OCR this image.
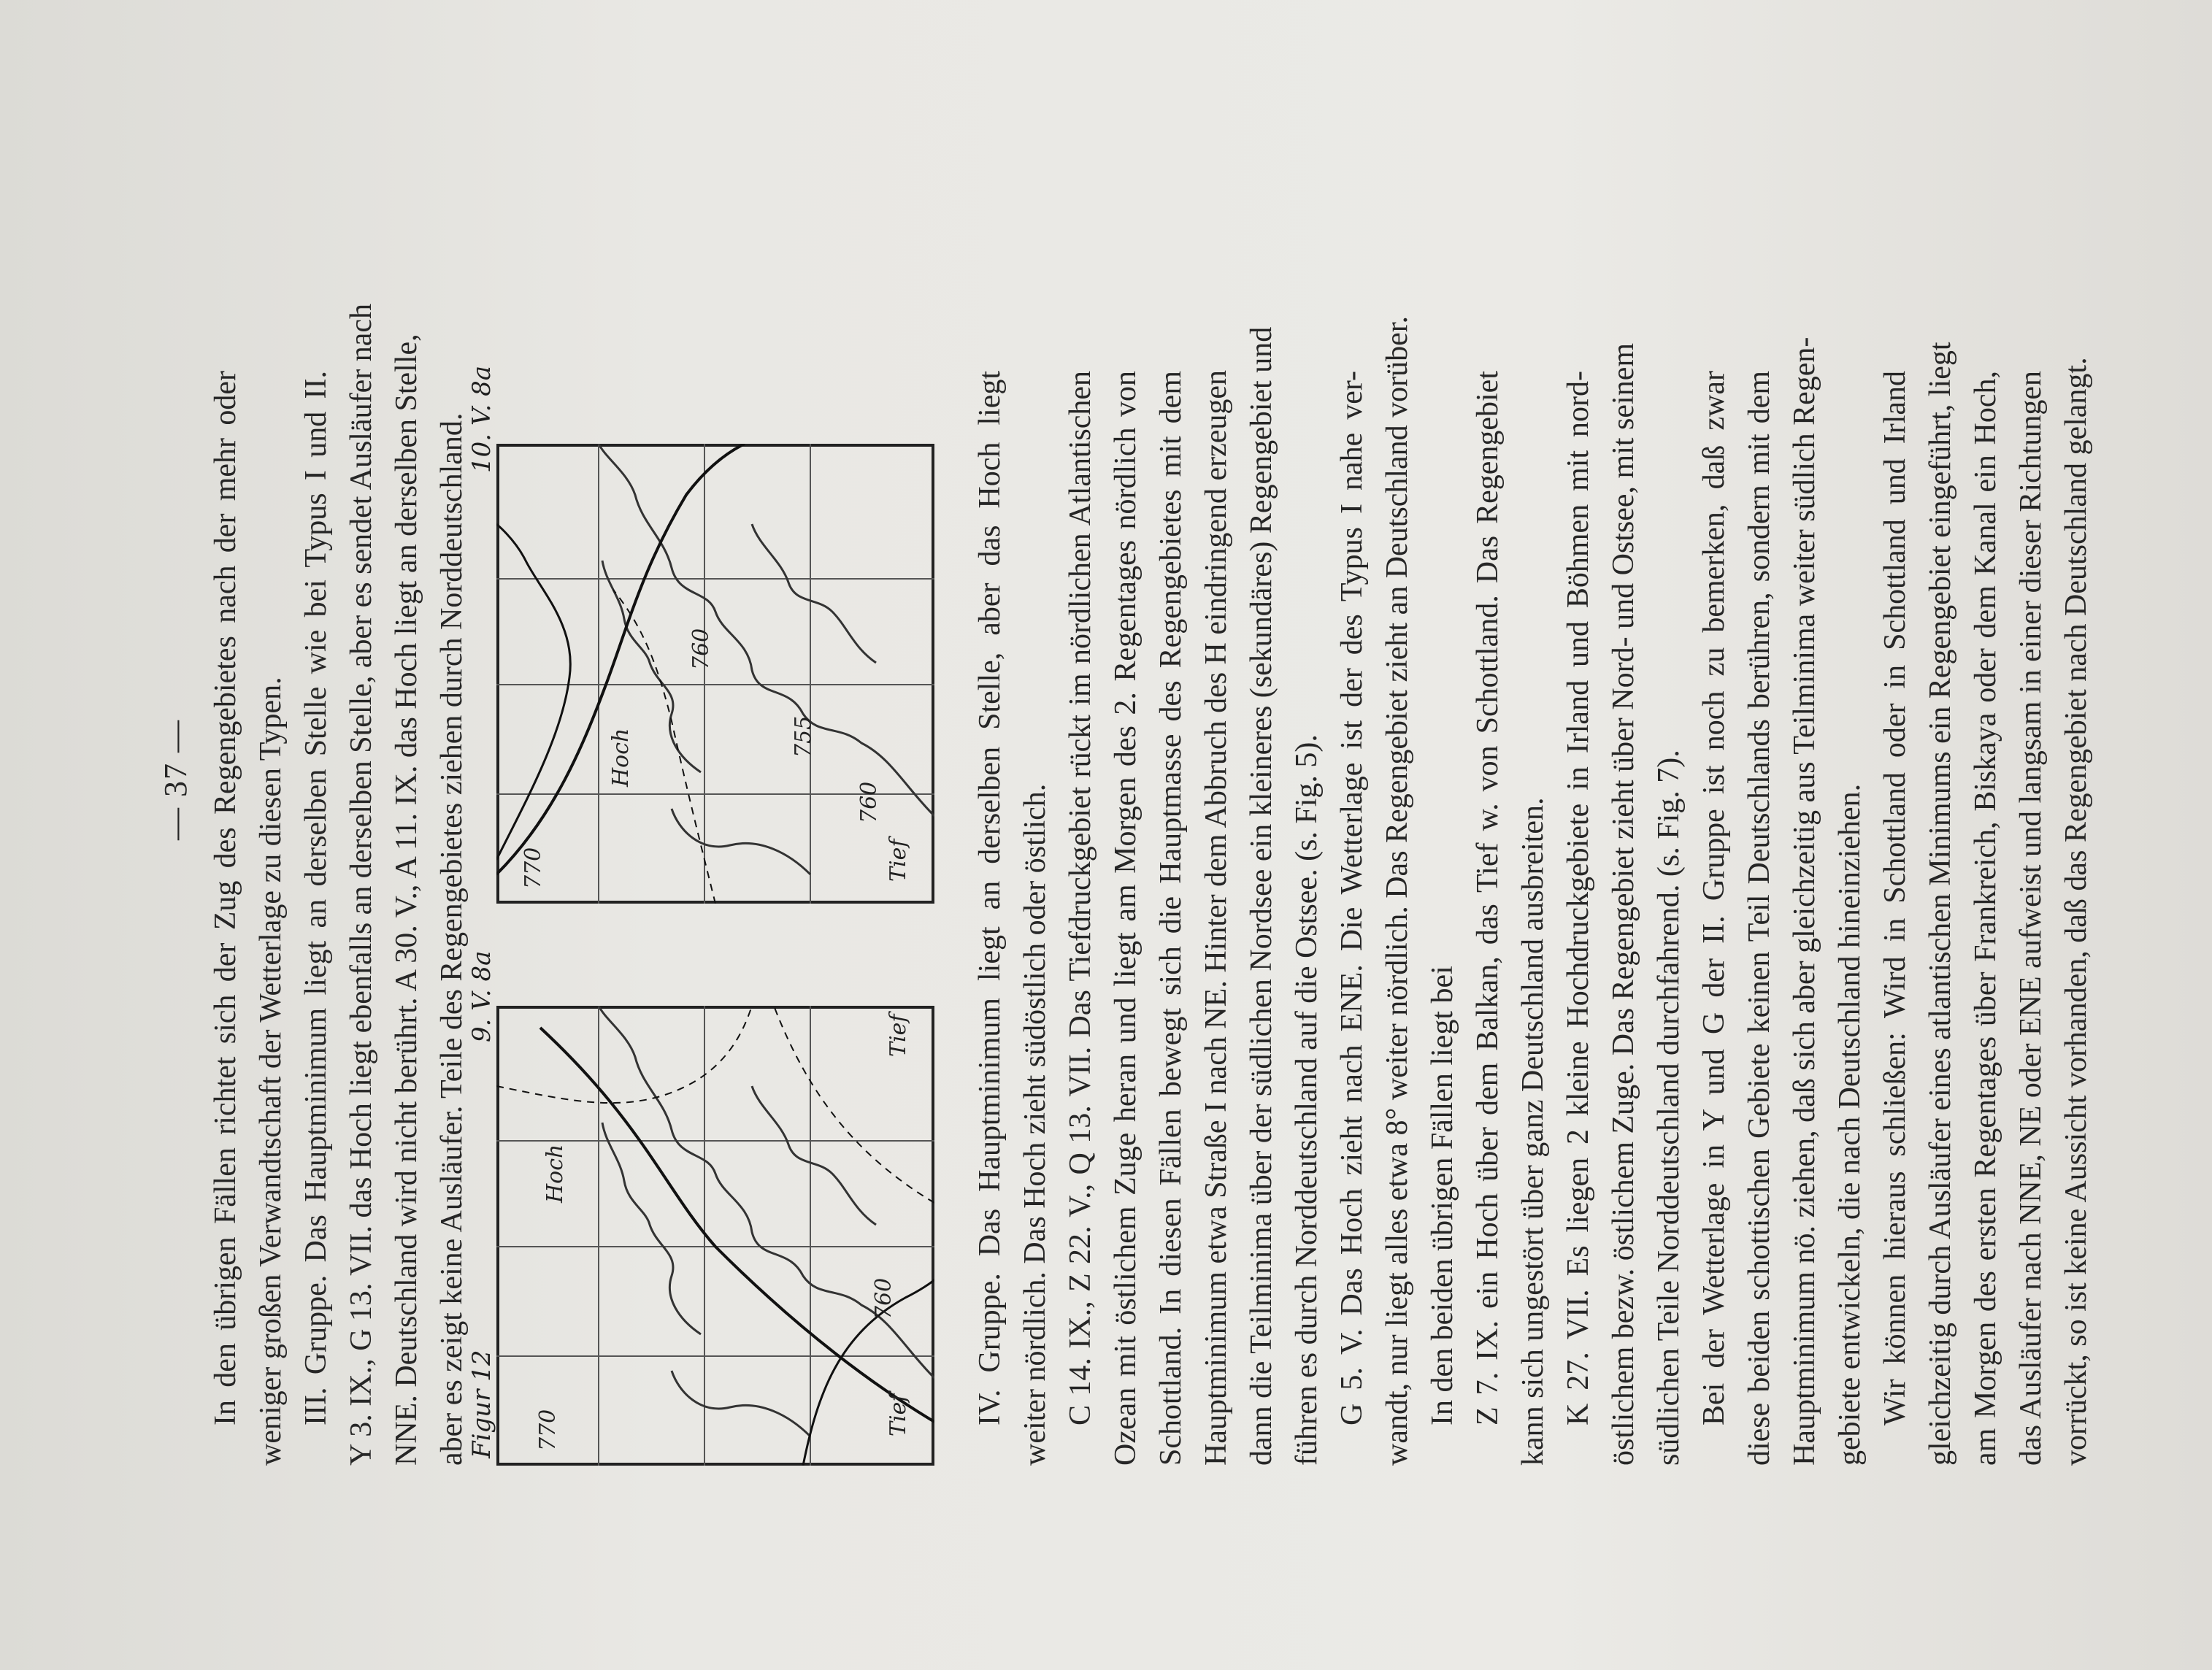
— 37 — In den übrigen Fällen richtet sich der Zug des Regengebietes nach der mehr oder weniger großen Verwandtschaft der Wetterlage zu diesen Typen. III. Gruppe. Das Hauptminimum liegt an derselben Stelle wie bei Typus I und II. Y 3. IX., G 13. VII. das Hoch liegt ebenfalls an derselben Stelle, aber es sendet Ausläufer nach NNE. Deutschland wird nicht berührt. A 30. V., A 11. IX. das Hoch liegt an derselben Stelle, aber es zeigt keine Ausläufer. Teile des Regengebietes ziehen durch Norddeutschland.

Figur 12
9. V. 8a
10. V. 8a
Tief
760
Hoch
Tief
770
Tief
760
755
760
Hoch
770	IV. Gruppe. Das Hauptminimum liegt an derselben Stelle, aber das Hoch liegt weiter nördlich. Das Hoch zieht südöstlich oder östlich. C 14. IX., Z 22. V., Q 13. VII. Das Tiefdruckgebiet rückt im nördlichen Atlantischen Ozean mit östlichem Zuge heran und liegt am Morgen des 2. Regentages nördlich von Schottland. In diesen Fällen bewegt sich die Hauptmasse des Regengebietes mit dem Hauptminimum etwa Straße I nach NE. Hinter dem Abbruch des H eindringend erzeugen dann die Teilminima über der südlichen Nordsee ein kleineres (sekundäres) Regengebiet und führen es durch Norddeutschland auf die Ostsee. (s. Fig. 5). G 5. V. Das Hoch zieht nach ENE. Die Wetterlage ist der des Typus I nahe ver- wandt, nur liegt alles etwa 8° weiter nördlich. Das Regengebiet zieht an Deutschland vorüber. In den beiden übrigen Fällen liegt bei Z 7. IX. ein Hoch über dem Balkan, das Tief w. von Schottland. Das Regengebiet kann sich ungestört über ganz Deutschland ausbreiten. K 27. VII. Es liegen 2 kleine Hochdruckgebiete in Irland und Böhmen mit nord- östlichem bezw. östlichem Zuge. Das Regengebiet zieht über Nord- und Ostsee, mit seinem südlichen Teile Norddeutschland durchfahrend. (s. Fig. 7). Bei der Wetterlage in Y und G der II. Gruppe ist noch zu bemerken, daß zwar diese beiden schottischen Gebiete keinen Teil Deutschlands berühren, sondern mit dem Hauptminimum nö. ziehen, daß sich aber gleichzeitig aus Teilminima weiter südlich Regen- gebiete entwickeln, die nach Deutschland hineinziehen. Wir können hieraus schließen: Wird in Schottland oder in Schottland und Irland gleichzeitig durch Ausläufer eines atlantischen Minimums ein Regengebiet eingeführt, liegt am Morgen des ersten Regentages über Frankreich, Biskaya oder dem Kanal ein Hoch, das Ausläufer nach NNE, NE oder ENE aufweist und langsam in einer dieser Richtungen vorrückt, so ist keine Aussicht vorhanden, daß das Regengebiet nach Deutschland gelangt.
